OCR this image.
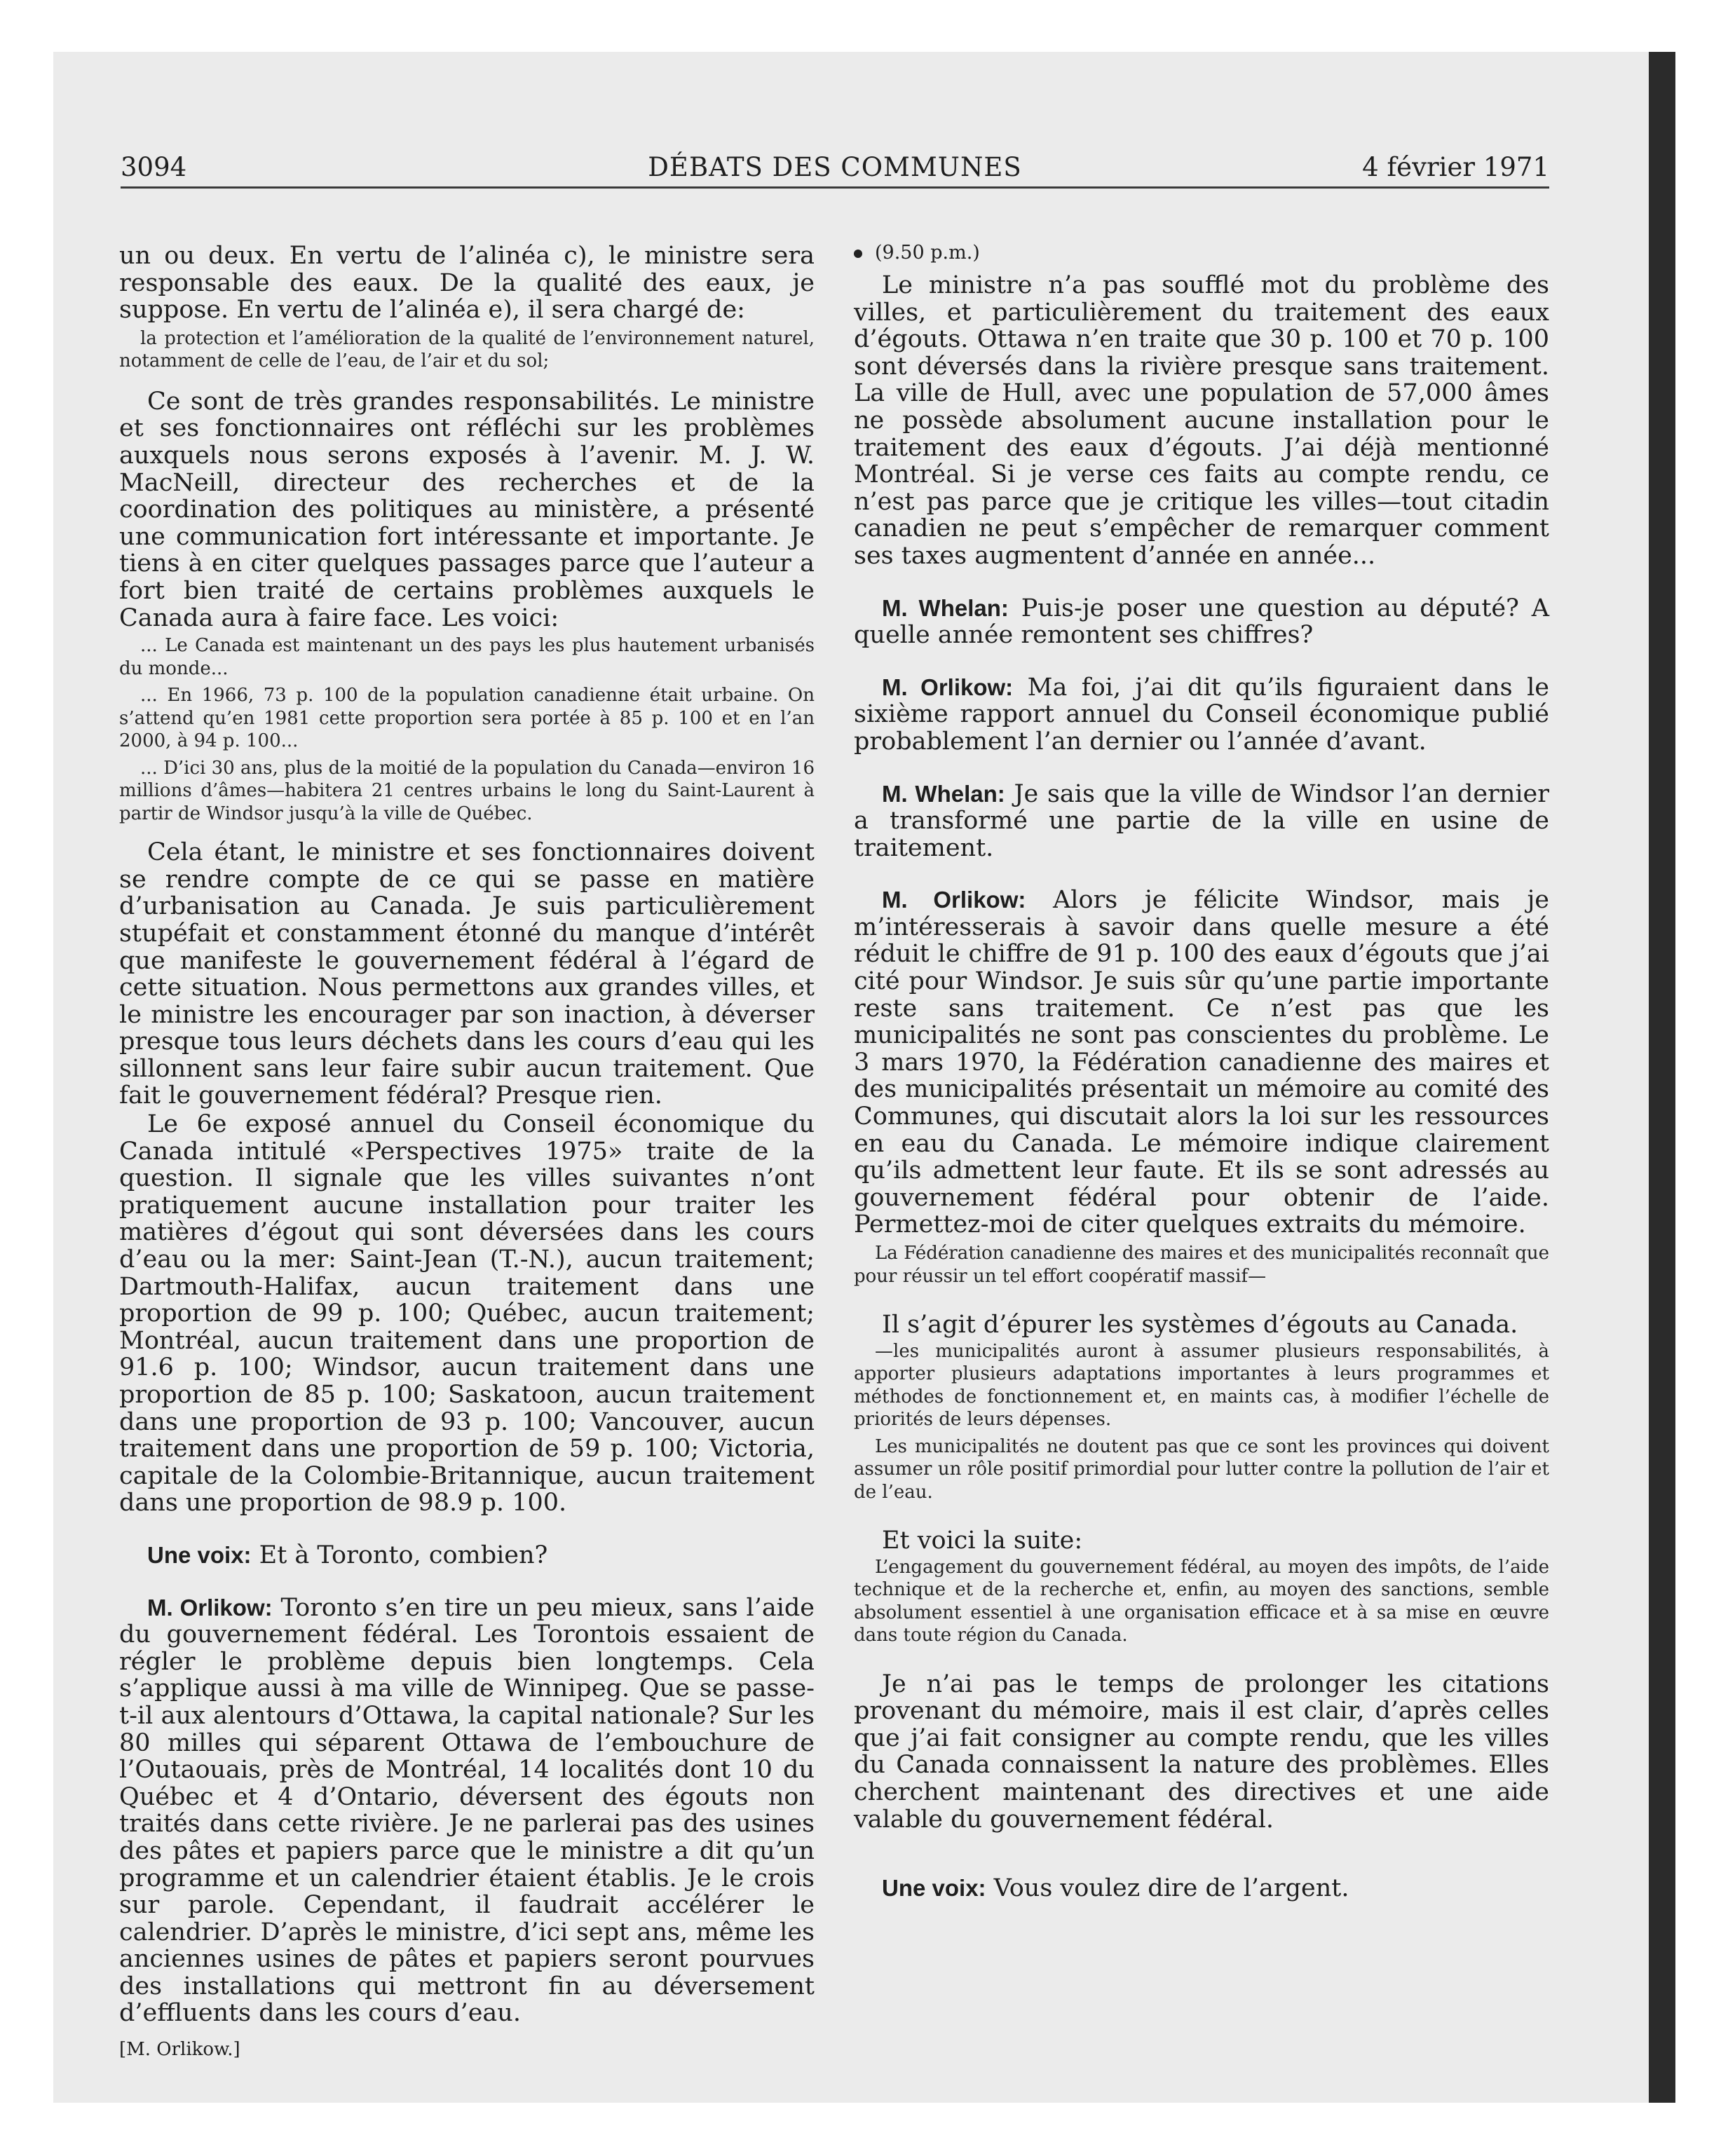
3094	DÉBATS DES COMMUNES	4 février 1971

un ou deux. En vertu de l’alinéa c), le ministre sera responsable des eaux. De la qualité des eaux, je suppose. En vertu de l’alinéa e), il sera chargé de:

la protection et l’amélioration de la qualité de l’environnement naturel, notamment de celle de l’eau, de l’air et du sol;

Ce sont de très grandes responsabilités. Le ministre et ses fonctionnaires ont réfléchi sur les problèmes auxquels nous serons exposés à l’avenir. M. J. W. MacNeill, directeur des recherches et de la coordination des politiques au ministère, a présenté une communication fort intéressante et importante. Je tiens à en citer quelques passages parce que l’auteur a fort bien traité de certains problèmes auxquels le Canada aura à faire face. Les voici:

... Le Canada est maintenant un des pays les plus hautement urbanisés du monde...

... En 1966, 73 p. 100 de la population canadienne était urbaine. On s’attend qu’en 1981 cette proportion sera portée à 85 p. 100 et en l’an 2000, à 94 p. 100...

... D’ici 30 ans, plus de la moitié de la population du Canada—environ 16 millions d’âmes—habitera 21 centres urbains le long du Saint-Laurent à partir de Windsor jusqu’à la ville de Québec.

Cela étant, le ministre et ses fonctionnaires doivent se rendre compte de ce qui se passe en matière d’urbanisation au Canada. Je suis particulièrement stupéfait et constamment étonné du manque d’intérêt que manifeste le gouvernement fédéral à l’égard de cette situation. Nous permettons aux grandes villes, et le ministre les encourager par son inaction, à déverser presque tous leurs déchets dans les cours d’eau qui les sillonnent sans leur faire subir aucun traitement. Que fait le gouvernement fédéral? Presque rien.

Le 6e exposé annuel du Conseil économique du Canada intitulé «Perspectives 1975» traite de la question. Il signale que les villes suivantes n’ont pratiquement aucune installation pour traiter les matières d’égout qui sont déversées dans les cours d’eau ou la mer: Saint-Jean (T.-N.), aucun traitement; Dartmouth-Halifax, aucun traitement dans une proportion de 99 p. 100; Québec, aucun traitement; Montréal, aucun traitement dans une proportion de 91.6 p. 100; Windsor, aucun traitement dans une proportion de 85 p. 100; Saskatoon, aucun traitement dans une proportion de 93 p. 100; Vancouver, aucun traitement dans une proportion de 59 p. 100; Victoria, capitale de la Colombie-Britannique, aucun traitement dans une proportion de 98.9 p. 100.

Une voix: Et à Toronto, combien?

M. Orlikow: Toronto s’en tire un peu mieux, sans l’aide du gouvernement fédéral. Les Torontois essaient de régler le problème depuis bien longtemps. Cela s’applique aussi à ma ville de Winnipeg. Que se passe-t-il aux alentours d’Ottawa, la capital nationale? Sur les 80 milles qui séparent Ottawa de l’embouchure de l’Outaouais, près de Montréal, 14 localités dont 10 du Québec et 4 d’Ontario, déversent des égouts non traités dans cette rivière. Je ne parlerai pas des usines des pâtes et papiers parce que le ministre a dit qu’un programme et un calendrier étaient établis. Je le crois sur parole. Cependant, il faudrait accélérer le calendrier. D’après le ministre, d’ici sept ans, même les anciennes usines de pâtes et papiers seront pourvues des installations qui mettront fin au déversement d’effluents dans les cours d’eau.

[M. Orlikow.]

(9.50 p.m.)

Le ministre n’a pas soufflé mot du problème des villes, et particulièrement du traitement des eaux d’égouts. Ottawa n’en traite que 30 p. 100 et 70 p. 100 sont déversés dans la rivière presque sans traitement. La ville de Hull, avec une population de 57,000 âmes ne possède absolument aucune installation pour le traitement des eaux d’égouts. J’ai déjà mentionné Montréal. Si je verse ces faits au compte rendu, ce n’est pas parce que je critique les villes—tout citadin canadien ne peut s’empêcher de remarquer comment ses taxes augmentent d’année en année...

M. Whelan: Puis-je poser une question au député? A quelle année remontent ses chiffres?

M. Orlikow: Ma foi, j’ai dit qu’ils figuraient dans le sixième rapport annuel du Conseil économique publié probablement l’an dernier ou l’année d’avant.

M. Whelan: Je sais que la ville de Windsor l’an dernier a transformé une partie de la ville en usine de traitement.

M. Orlikow: Alors je félicite Windsor, mais je m’intéresserais à savoir dans quelle mesure a été réduit le chiffre de 91 p. 100 des eaux d’égouts que j’ai cité pour Windsor. Je suis sûr qu’une partie importante reste sans traitement. Ce n’est pas que les municipalités ne sont pas conscientes du problème. Le 3 mars 1970, la Fédération canadienne des maires et des municipalités présentait un mémoire au comité des Communes, qui discutait alors la loi sur les ressources en eau du Canada. Le mémoire indique clairement qu’ils admettent leur faute. Et ils se sont adressés au gouvernement fédéral pour obtenir de l’aide. Permettez-moi de citer quelques extraits du mémoire.

La Fédération canadienne des maires et des municipalités reconnaît que pour réussir un tel effort coopératif massif—

Il s’agit d’épurer les systèmes d’égouts au Canada.

—les municipalités auront à assumer plusieurs responsabilités, à apporter plusieurs adaptations importantes à leurs programmes et méthodes de fonctionnement et, en maints cas, à modifier l’échelle de priorités de leurs dépenses.

Les municipalités ne doutent pas que ce sont les provinces qui doivent assumer un rôle positif primordial pour lutter contre la pollution de l’air et de l’eau.

Et voici la suite:

L’engagement du gouvernement fédéral, au moyen des impôts, de l’aide technique et de la recherche et, enfin, au moyen des sanctions, semble absolument essentiel à une organisation efficace et à sa mise en œuvre dans toute région du Canada.

Je n’ai pas le temps de prolonger les citations provenant du mémoire, mais il est clair, d’après celles que j’ai fait consigner au compte rendu, que les villes du Canada connaissent la nature des problèmes. Elles cherchent maintenant des directives et une aide valable du gouvernement fédéral.

Une voix: Vous voulez dire de l’argent.
